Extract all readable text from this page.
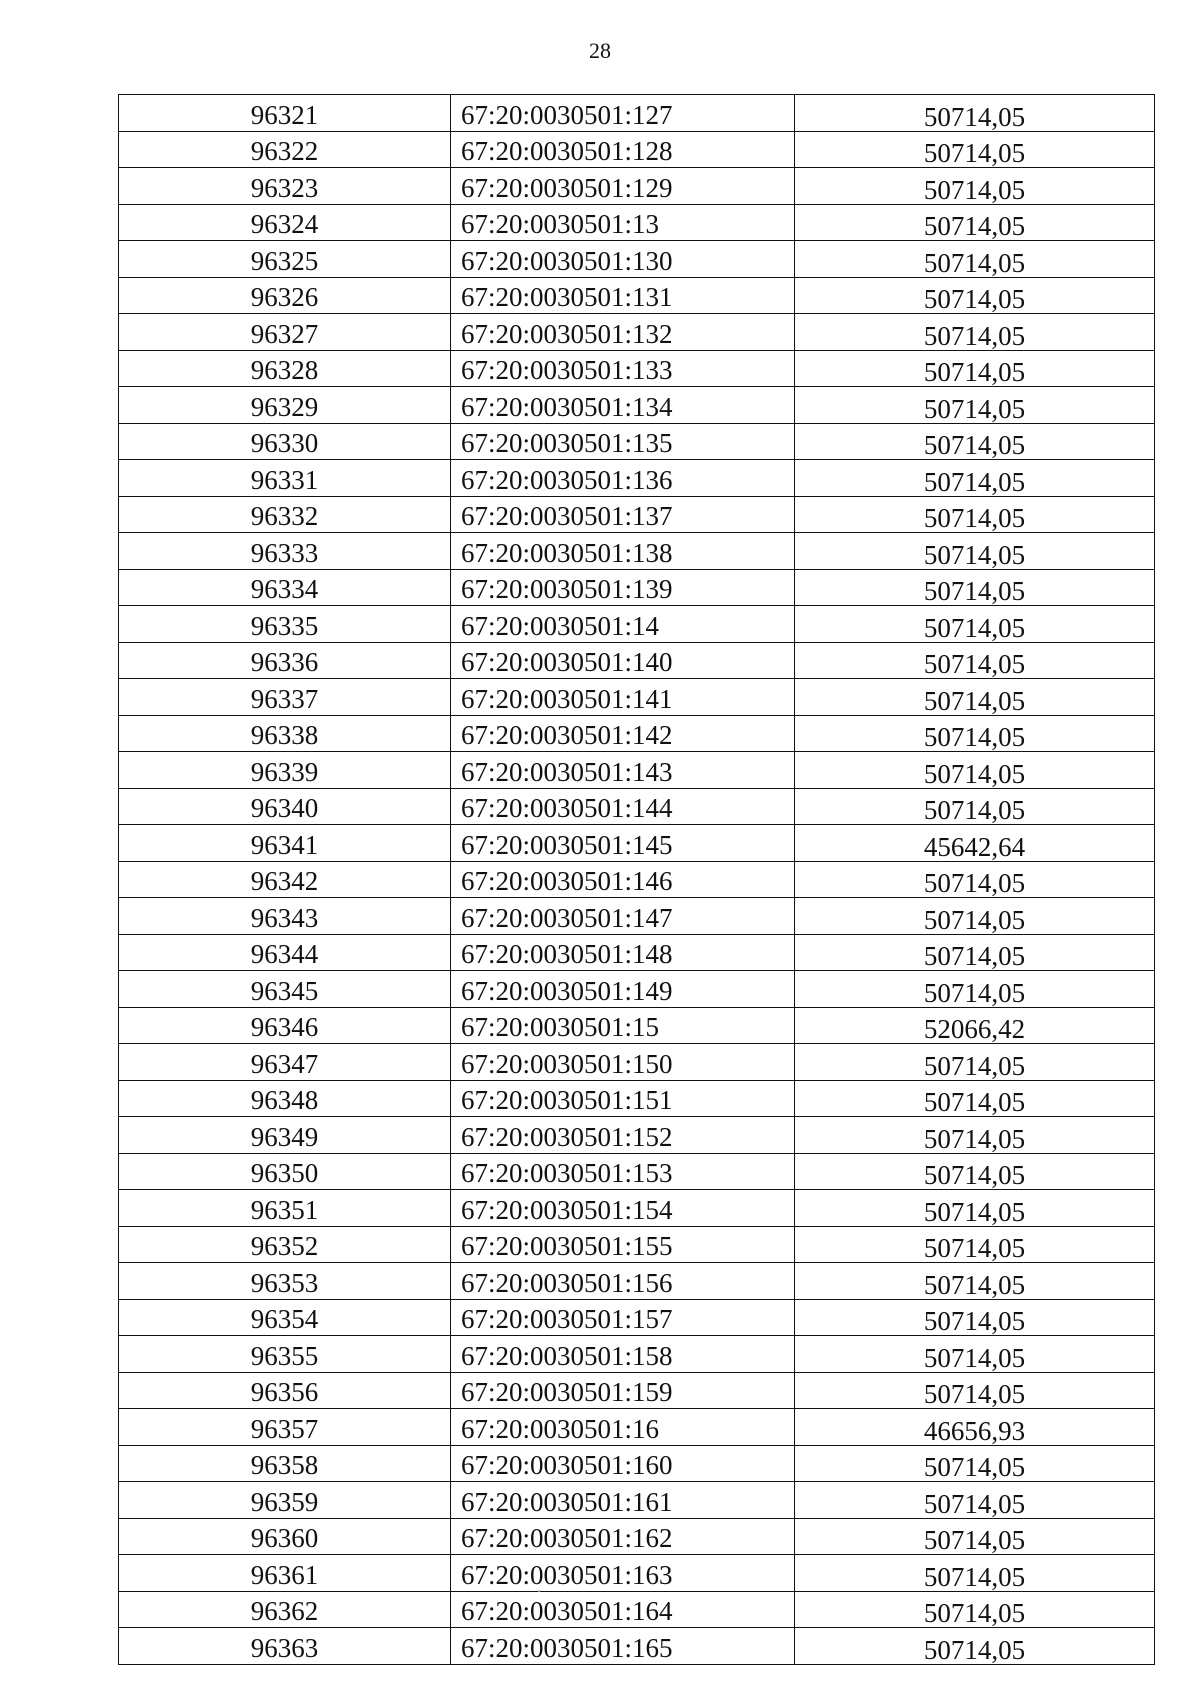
28
96321	67:20:0030501:127	50714,05
96322	67:20:0030501:128	50714,05
96323	67:20:0030501:129	50714,05
96324	67:20:0030501:13	50714,05
96325	67:20:0030501:130	50714,05
96326	67:20:0030501:131	50714,05
96327	67:20:0030501:132	50714,05
96328	67:20:0030501:133	50714,05
96329	67:20:0030501:134	50714,05
96330	67:20:0030501:135	50714,05
96331	67:20:0030501:136	50714,05
96332	67:20:0030501:137	50714,05
96333	67:20:0030501:138	50714,05
96334	67:20:0030501:139	50714,05
96335	67:20:0030501:14	50714,05
96336	67:20:0030501:140	50714,05
96337	67:20:0030501:141	50714,05
96338	67:20:0030501:142	50714,05
96339	67:20:0030501:143	50714,05
96340	67:20:0030501:144	50714,05
96341	67:20:0030501:145	45642,64
96342	67:20:0030501:146	50714,05
96343	67:20:0030501:147	50714,05
96344	67:20:0030501:148	50714,05
96345	67:20:0030501:149	50714,05
96346	67:20:0030501:15	52066,42
96347	67:20:0030501:150	50714,05
96348	67:20:0030501:151	50714,05
96349	67:20:0030501:152	50714,05
96350	67:20:0030501:153	50714,05
96351	67:20:0030501:154	50714,05
96352	67:20:0030501:155	50714,05
96353	67:20:0030501:156	50714,05
96354	67:20:0030501:157	50714,05
96355	67:20:0030501:158	50714,05
96356	67:20:0030501:159	50714,05
96357	67:20:0030501:16	46656,93
96358	67:20:0030501:160	50714,05
96359	67:20:0030501:161	50714,05
96360	67:20:0030501:162	50714,05
96361	67:20:0030501:163	50714,05
96362	67:20:0030501:164	50714,05
96363	67:20:0030501:165	50714,05
